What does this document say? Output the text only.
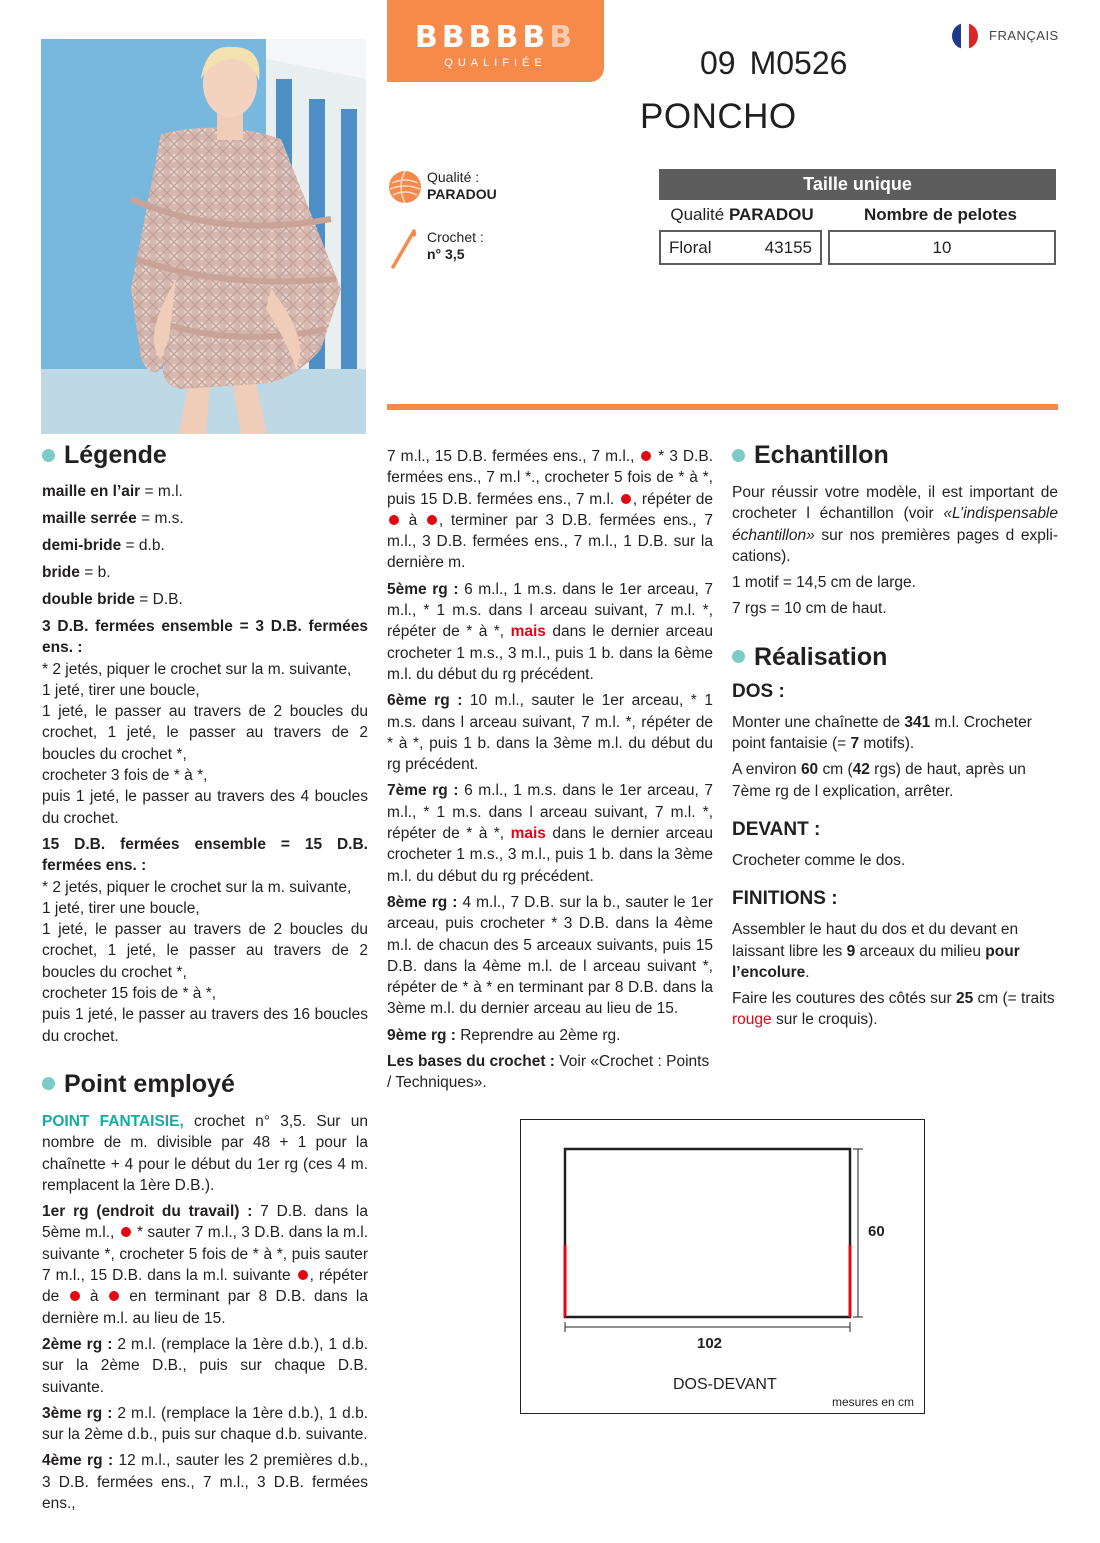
BBBBBB
QUALIFIÉE
FRANÇAIS
09 M0526
PONCHO
Qualité :
PARADOU
Crochet :
n° 3,5
Taille unique
Qualité PARADOU	Nombre de pelotes
Floral	43155	10
Légende
maille en l’air = m.l.
maille serrée = m.s.
demi-bride = d.b.
bride = b.
double bride = D.B.

3 D.B. fermées ensemble = 3 D.B. fermées ens. :

* 2 jetés, piquer le crochet sur la m. suivante,
1 jeté, tirer une boucle,
1 jeté, le passer au travers de 2 boucles du crochet, 1 jeté, le passer au travers de 2 boucles du crochet *,
crocheter 3 fois de * à *,
puis 1 jeté, le passer au travers des 4 boucles du crochet.

15 D.B. fermées ensemble = 15 D.B. fermées ens. :

* 2 jetés, piquer le crochet sur la m. suivante,
1 jeté, tirer une boucle,
1 jeté, le passer au travers de 2 boucles du crochet, 1 jeté, le passer au travers de 2 boucles du crochet *,
crocheter 15 fois de * à *,
puis 1 jeté, le passer au travers des 16 boucles du crochet.
Point employé

POINT FANTAISIE, crochet n° 3,5. Sur un nombre de m. divisible par 48 + 1 pour la chaînette + 4 pour le début du 1er rg (ces 4 m. remplacent la 1ère D.B.).

1er rg (endroit du travail) : 7 D.B. dans la 5ème m.l.,  * sauter 7 m.l., 3 D.B. dans la m.l. suivante *, crocheter 5 fois de * à *, puis sauter 7 m.l., 15 D.B. dans la m.l. suivante , répéter de  à  en terminant par 8 D.B. dans la dernière m.l. au lieu de 15.

2ème rg : 2 m.l. (remplace la 1ère d.b.), 1 d.b. sur la 2ème D.B., puis sur chaque D.B. suivante.

3ème rg : 2 m.l. (remplace la 1ère d.b.), 1 d.b. sur la 2ème d.b., puis sur chaque d.b. suivante.

4ème rg : 12 m.l., sauter les 2 premières d.b., 3 D.B. fermées ens., 7 m.l., 3 D.B. fermées ens.,

7 m.l., 15 D.B. fermées ens., 7 m.l.,  * 3 D.B. fermées ens., 7 m.l *., crocheter 5 fois de * à *, puis 15 D.B. fermées ens., 7 m.l. , répéter de  à , terminer par 3 D.B. fermées ens., 7 m.l., 3 D.B. fermées ens., 7 m.l., 1 D.B. sur la dernière m.

5ème rg : 6 m.l., 1 m.s. dans le 1er arceau, 7 m.l., * 1 m.s. dans l arceau suivant, 7 m.l. *, répéter de * à *, mais dans le dernier arceau crocheter 1 m.s., 3 m.l., puis 1 b. dans la 6ème m.l. du début du rg précédent.

6ème rg : 10 m.l., sauter le 1er arceau, * 1 m.s. dans l arceau suivant, 7 m.l. *, répéter de * à *, puis 1 b. dans la 3ème m.l. du début du rg précédent.

7ème rg : 6 m.l., 1 m.s. dans le 1er arceau, 7 m.l., * 1 m.s. dans l arceau suivant, 7 m.l. *, répéter de * à *, mais dans le dernier arceau crocheter 1 m.s., 3 m.l., puis 1 b. dans la 3ème m.l. du début du rg précédent.

8ème rg : 4 m.l., 7 D.B. sur la b., sauter le 1er arceau, puis crocheter * 3 D.B. dans la 4ème m.l. de chacun des 5 arceaux suivants, puis 15 D.B. dans la 4ème m.l. de l arceau suivant *, répéter de * à * en terminant par 8 D.B. dans la 3ème m.l. du dernier arceau au lieu de 15.

9ème rg : Reprendre au 2ème rg.

Les bases du crochet : Voir «Crochet : Points / Techniques».

Echantillon

Pour réussir votre modèle, il est important de crocheter l échantillon (voir «L’indispensable échantillon» sur nos premières pages d explications).

1 motif = 14,5 cm de large.

7 rgs = 10 cm de haut.

Réalisation
DOS :

Monter une chaînette de 341 m.l. Crocheter point fantaisie (= 7 motifs).

A environ 60 cm (42 rgs) de haut, après un 7ème rg de l explication, arrêter.

DEVANT :

Crocheter comme le dos.

FINITIONS :

Assembler le haut du dos et du devant en laissant libre les 9 arceaux du milieu pour l’encolure.

Faire les coutures des côtés sur 25 cm (= traits rouge sur le croquis).

60
102
DOS-DEVANT
mesures en cm
